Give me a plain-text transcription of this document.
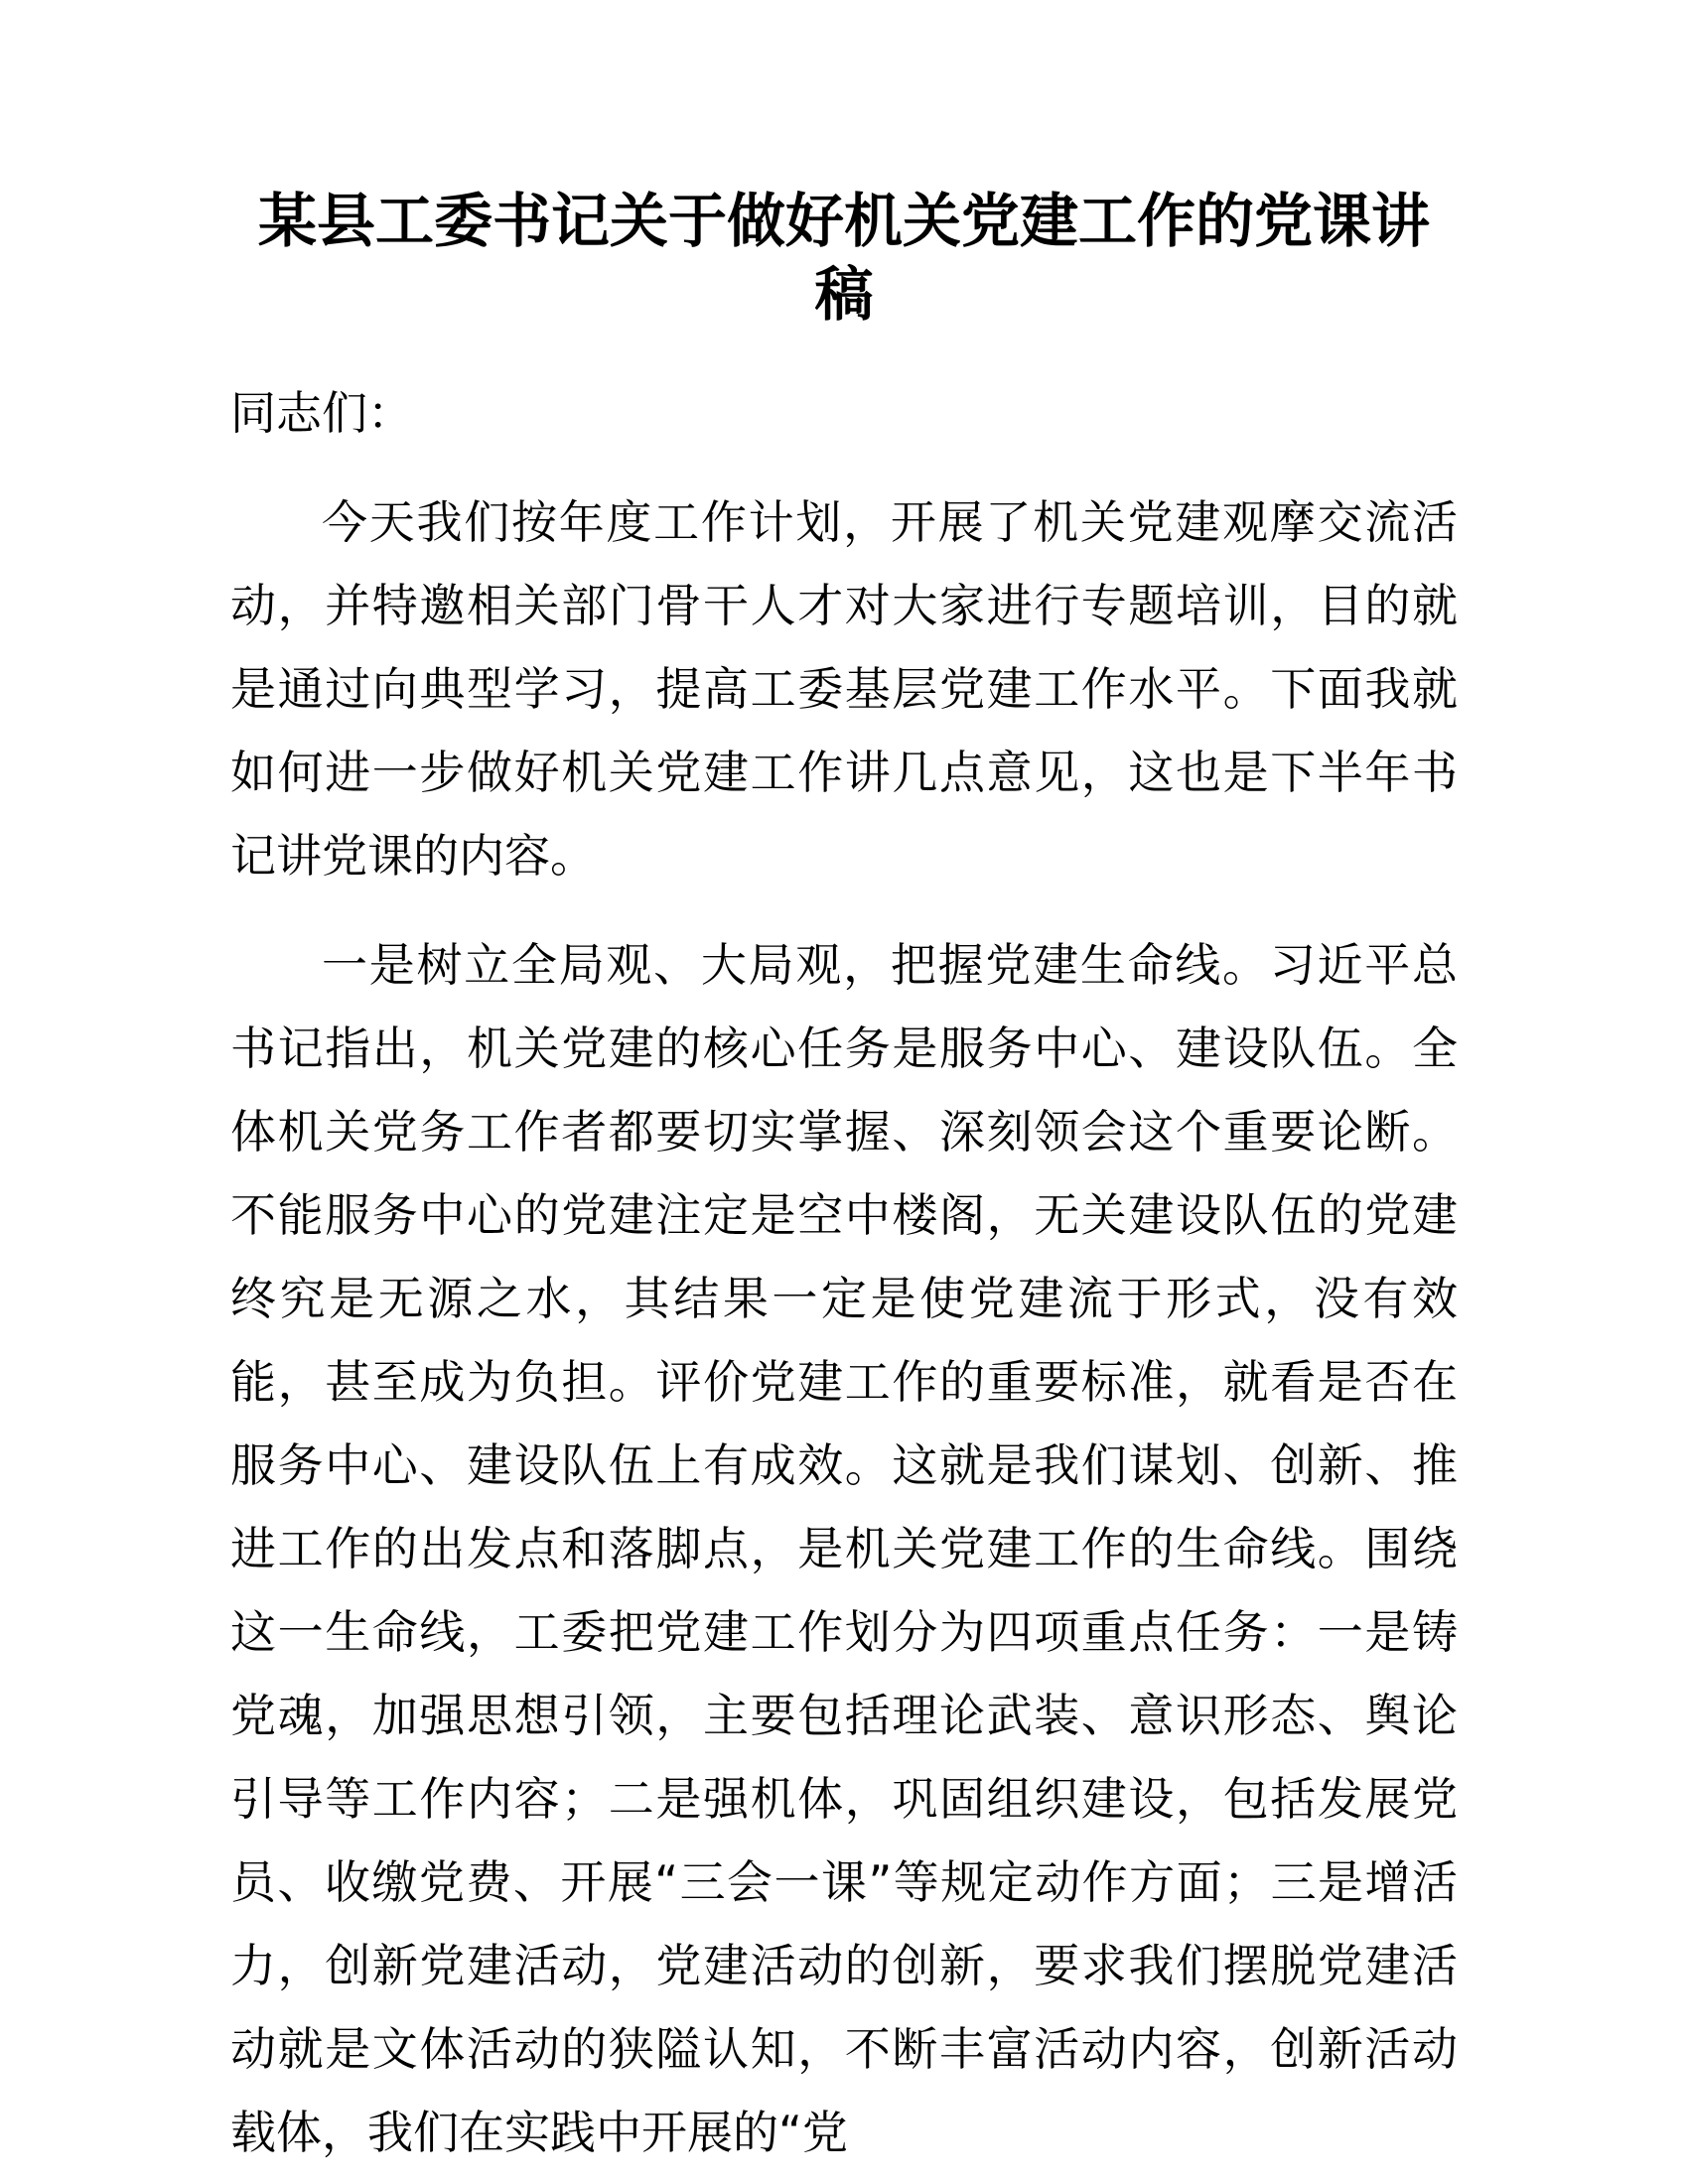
某县工委书记关于做好机关党建工作的党课讲稿

同志们：

今天我们按年度工作计划，开展了机关党建观摩交流活动，并特邀相关部门骨干人才对大家进行专题培训，目的就是通过向典型学习，提高工委基层党建工作水平。下面我就如何进一步做好机关党建工作讲几点意见，这也是下半年书记讲党课的内容。

一是树立全局观、大局观，把握党建生命线。习近平总书记指出，机关党建的核心任务是服务中心、建设队伍。全体机关党务工作者都要切实掌握、深刻领会这个重要论断。不能服务中心的党建注定是空中楼阁，无关建设队伍的党建终究是无源之水，其结果一定是使党建流于形式，没有效能，甚至成为负担。评价党建工作的重要标准，就看是否在服务中心、建设队伍上有成效。这就是我们谋划、创新、推进工作的出发点和落脚点，是机关党建工作的生命线。围绕这一生命线，工委把党建工作划分为四项重点任务：一是铸党魂，加强思想引领，主要包括理论武装、意识形态、舆论引导等工作内容；二是强机体，巩固组织建设，包括发展党员、收缴党费、开展“三会一课”等规定动作方面；三是增活力，创新党建活动，党建活动的创新，要求我们摆脱党建活动就是文体活动的狭隘认知，不断丰富活动内容，创新活动载体，我们在实践中开展的“党
